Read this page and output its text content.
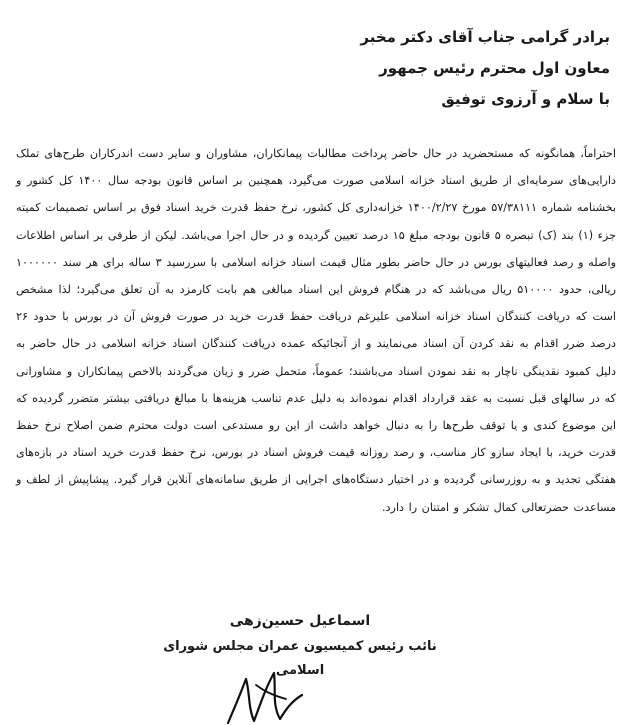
برادر گرامی جناب آقای دکتر مخبر
معاون اول محترم رئیس جمهور
با سلام و آرزوی توفیق
احتراماً، همانگونه که مستحضرید در حال حاضر پرداخت مطالبات پیمانکاران، مشاوران و سایر دست اندرکاران طرح‌های تملک دارایی‌های سرمایه‌ای از طریق اسناد خزانه اسلامی صورت می‌گیرد، همچنین بر اساس قانون بودجه سال ۱۴۰۰ کل کشور و بخشنامه شماره ۵۷/۳۸۱۱۱ مورخ ۱۴۰۰/۲/۲۷ خزانه‌داری کل کشور، نرخ حفظ قدرت خرید اسناد فوق بر اساس تصمیمات کمیته جزء (۱) بند (ک) تبصره ۵ قانون بودجه مبلغ ۱۵ درصد تعیین گردیده و در حال اجرا می‌باشد. لیکن از طرفی بر اساس اطلاعات واصله و رصد فعالیتهای بورس در حال حاضر بطور مثال قیمت اسناد خزانه اسلامی با سررسید ۳ ساله برای هر سند ۱۰۰۰۰۰۰ ریالی، حدود ۵۱۰۰۰۰ ریال می‌باشد که در هنگام فروش این اسناد مبالغی هم بابت کارمزد به آن تعلق می‌گیرد؛ لذا مشخص است که دریافت کنندگان اسناد خزانه اسلامی علیرغم دریافت حفظ قدرت خرید در صورت فروش آن در بورس با حدود ۲۶ درصد ضرر اقدام به نقد کردن آن اسناد می‌نمایند و از آنجائیکه عمده دریافت کنندگان اسناد خزانه اسلامی در حال حاضر به دلیل کمبود نقدینگی ناچار به نقد نمودن اسناد می‌باشند؛ عموماً، متحمل ضرر و زیان می‌گردند بالاخص پیمانکاران و مشاورانی که در سالهای قبل نسبت به عقد قرارداد اقدام نموده‌اند به دلیل عدم تناسب هزینه‌ها با مبالغ دریافتی بیشتر متضرر گردیده که این موضوع کندی و یا توقف طرح‌ها را به دنبال خواهد داشت از این رو مستدعی است دولت محترم ضمن اصلاح نرخ حفظ قدرت خرید، با ایجاد سازو کار مناسب، و رصد روزانه قیمت فروش اسناد در بورس، نرخ حفظ قدرت خرید اسناد در بازه‌های هفتگی تجدید و به روزرسانی گردیده و در اختیار دستگاه‌های اجرایی از طریق سامانه‌های آنلاین قرار گیرد. پیشاپیش از لطف و مساعدت حضرتعالی کمال تشکر و امتنان را دارد.
اسماعیل حسین‌زهی
نائب رئیس کمیسیون عمران مجلس شورای اسلامی
